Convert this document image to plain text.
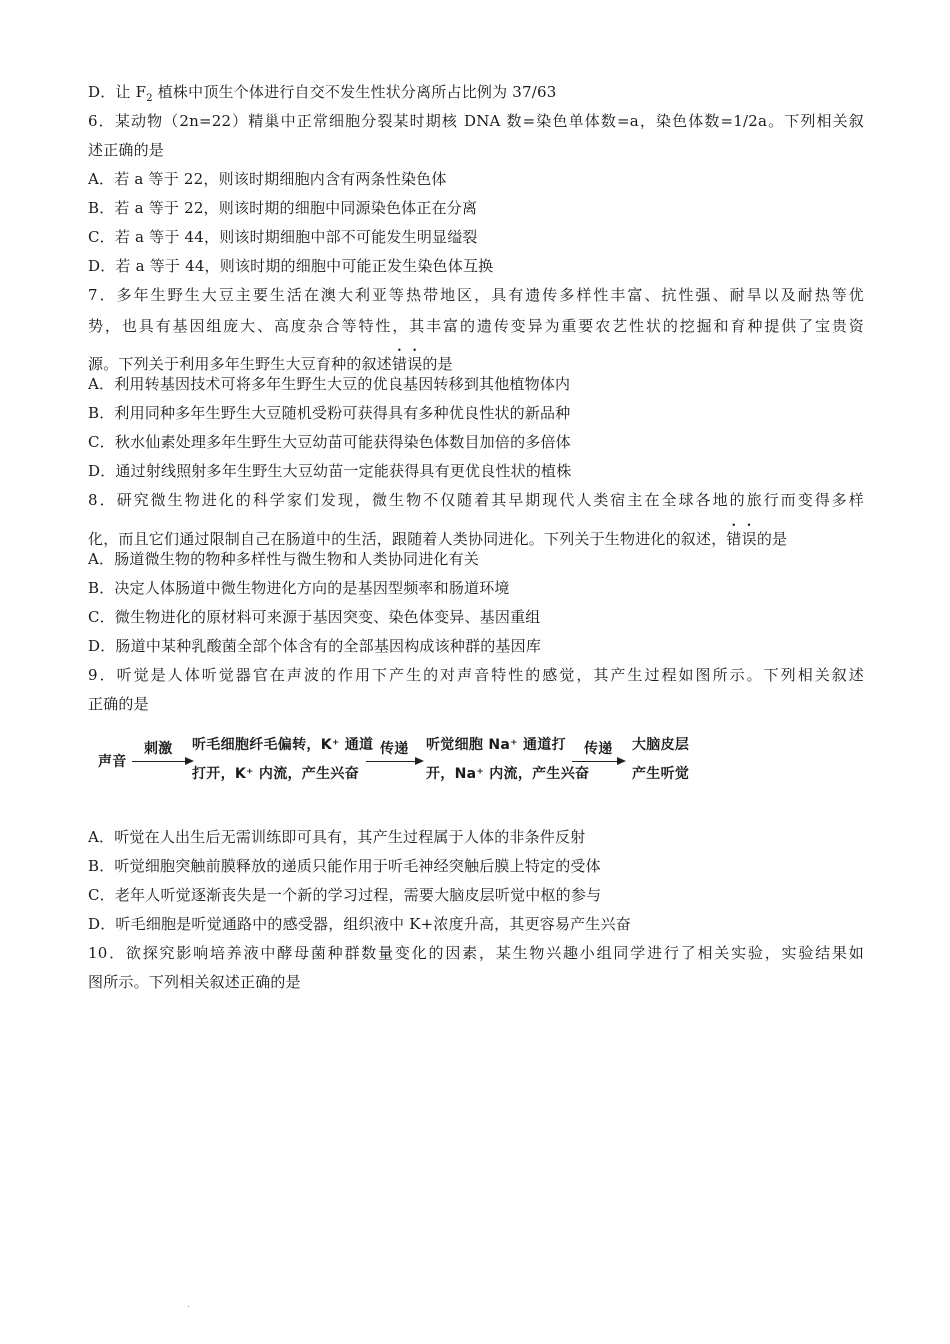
D．让 $F_2$ 植株中顶生个体进行自交不发生性状分离所占比例为 37/63
6．某动物（2n=22）精巢中正常细胞分裂某时期核 DNA 数=染色单体数=a，染色体数=1/2a。下列相关叙
述正确的是
A．若 a 等于 22，则该时期细胞内含有两条性染色体
B．若 a 等于 22，则该时期的细胞中同源染色体正在分离
C．若 a 等于 44，则该时期细胞中部不可能发生明显缢裂
D．若 a 等于 44，则该时期的细胞中可能正发生染色体互换
7．多年生野生大豆主要生活在澳大利亚等热带地区，具有遗传多样性丰富、抗性强、耐旱以及耐热等优
势，也具有基因组庞大、高度杂合等特性，其丰富的遗传变异为重要农艺性状的挖掘和育种提供了宝贵资
源。下列关于利用多年生野生大豆育种的叙述错误的是
A．利用转基因技术可将多年生野生大豆的优良基因转移到其他植物体内
B．利用同种多年生野生大豆随机受粉可获得具有多种优良性状的新品种
C．秋水仙素处理多年生野生大豆幼苗可能获得染色体数目加倍的多倍体
D．通过射线照射多年生野生大豆幼苗一定能获得具有更优良性状的植株
8．研究微生物进化的科学家们发现，微生物不仅随着其早期现代人类宿主在全球各地的旅行而变得多样
化，而且它们通过限制自己在肠道中的生活，跟随着人类协同进化。下列关于生物进化的叙述，错误的是
A．肠道微生物的物种多样性与微生物和人类协同进化有关
B．决定人体肠道中微生物进化方向的是基因型频率和肠道环境
C．微生物进化的原材料可来源于基因突变、染色体变异、基因重组
D．肠道中某种乳酸菌全部个体含有的全部基因构成该种群的基因库
9．听觉是人体听觉器官在声波的作用下产生的对声音特性的感觉，其产生过程如图所示。下列相关叙述
正确的是
声音
刺激 听毛细胞纤毛偏转，K⁺ 通道
打开，K⁺ 内流，产生兴奋
传递 听觉细胞 Na⁺ 通道打
开，Na⁺ 内流，产生兴奋
传递 大脑皮层
产生听觉
A．听觉在人出生后无需训练即可具有，其产生过程属于人体的非条件反射
B．听觉细胞突触前膜释放的递质只能作用于听毛神经突触后膜上特定的受体
C．老年人听觉逐渐丧失是一个新的学习过程，需要大脑皮层听觉中枢的参与
D．听毛细胞是听觉通路中的感受器，组织液中 K+浓度升高，其更容易产生兴奋
10．欲探究影响培养液中酵母菌种群数量变化的因素，某生物兴趣小组同学进行了相关实验，实验结果如
图所示。下列相关叙述正确的是
.
